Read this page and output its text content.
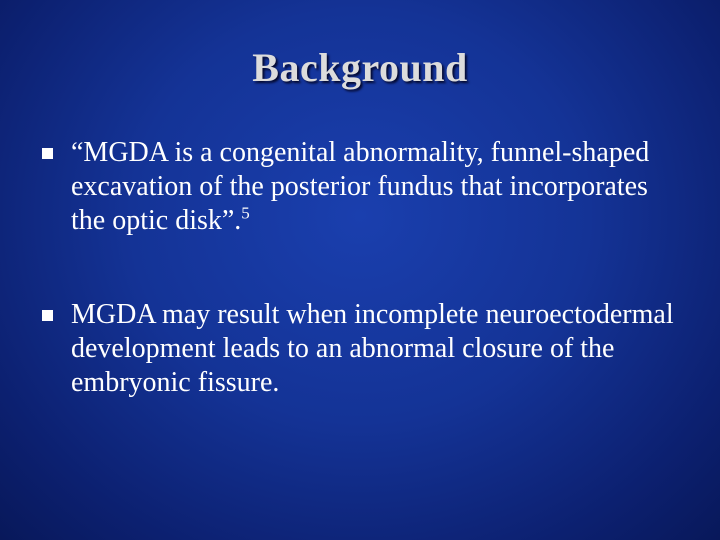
Background
“MGDA is a congenital abnormality, funnel-shaped excavation of the posterior fundus that incorporates the optic disk”.$^5$
MGDA may result when incomplete neuroectodermal development leads to an abnormal closure of the embryonic fissure.
